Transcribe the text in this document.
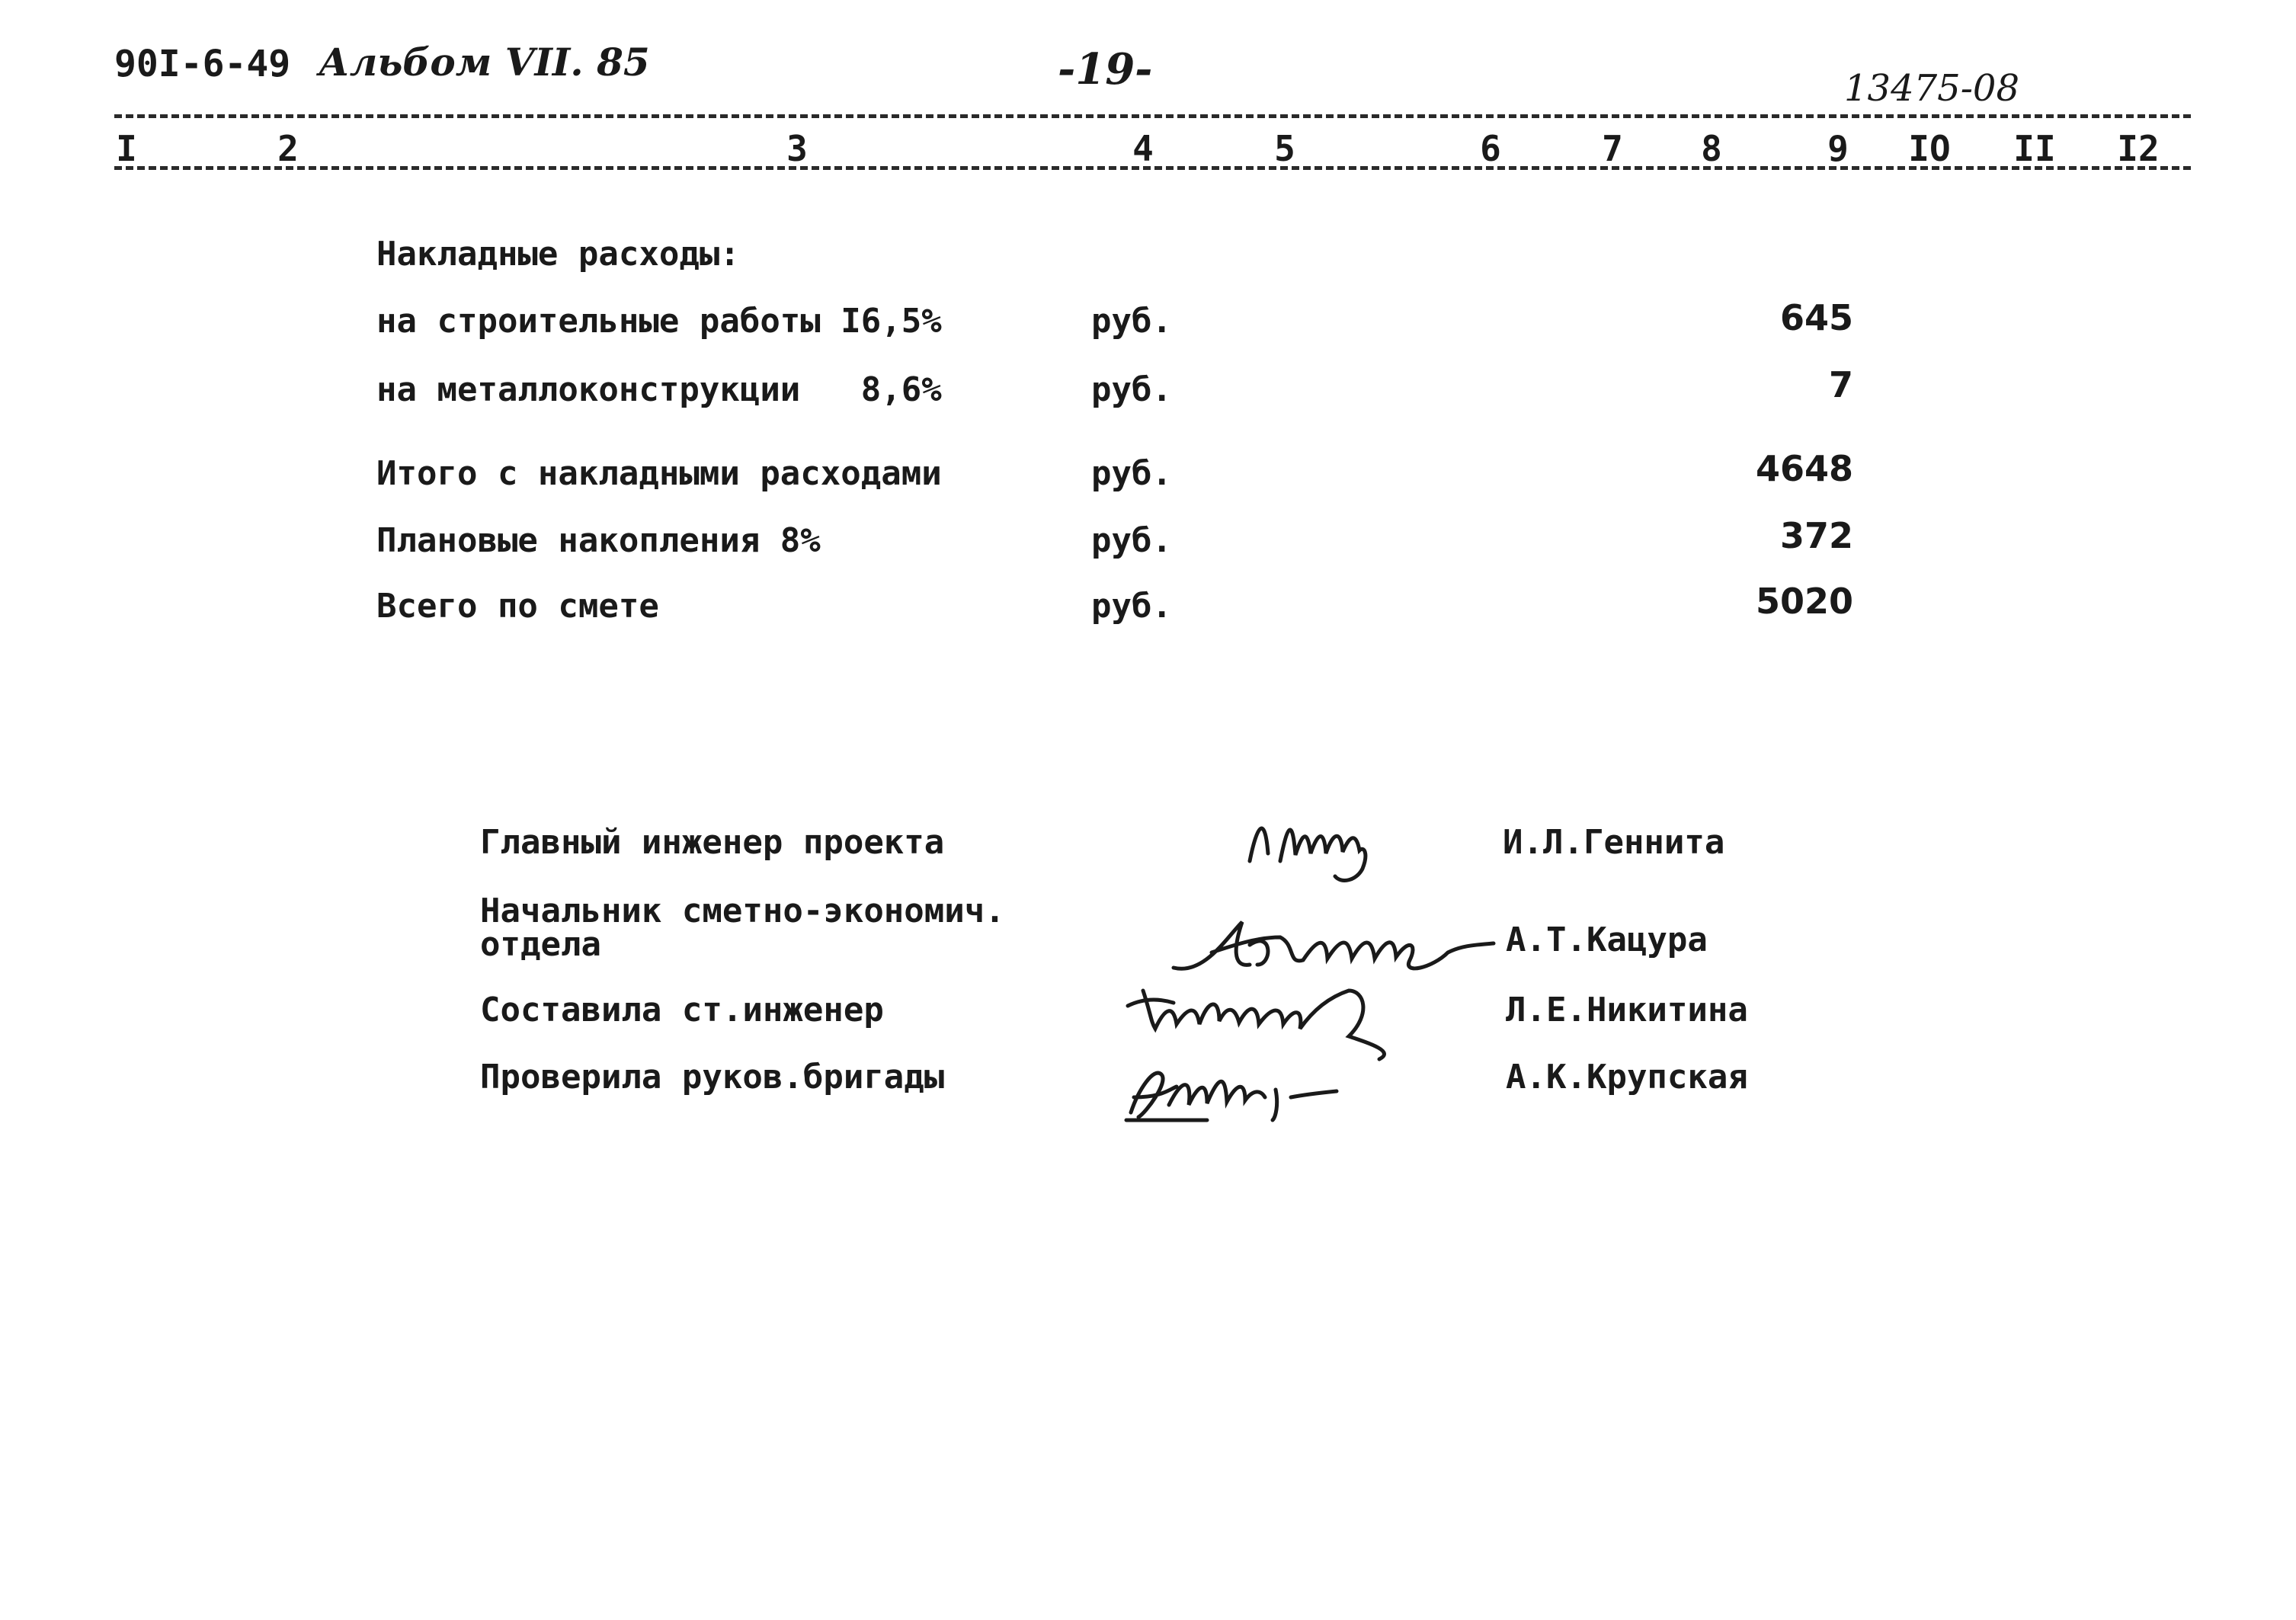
90I-6-49 Альбом VII. 85	-19-	13475-08
I	2	3	4	5	6	7 8	9 IO II I2
Накладные расходы:
на строительные работы I6,5%	руб.	645
на металлоконструкции   8,6%	руб.	7
Итого с накладными расходами	руб.	4648
Плановые накопления 8%	руб.	372
Всего по смете	руб.	5020
Главный инженер проекта	И.Л.Геннита
Начальник сметно-экономич.
отдела	А.Т.Кацура
Составила ст.инженер	Л.Е.Никитина
Проверила руков.бригады	А.К.Крупская
